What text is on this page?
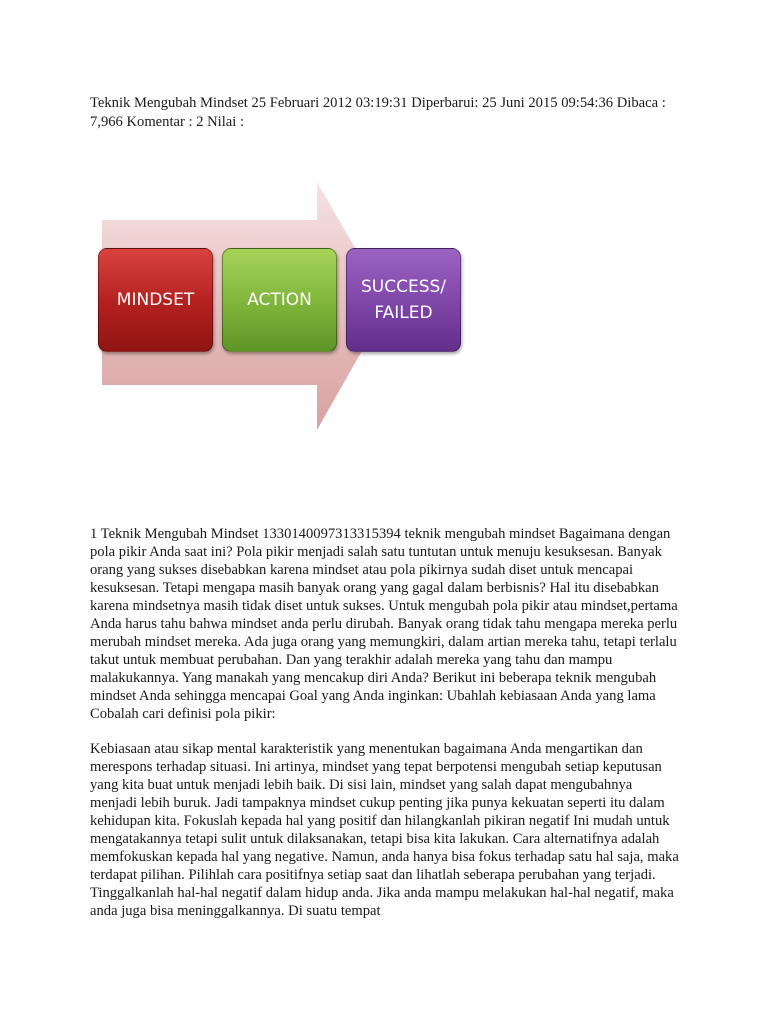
Teknik Mengubah Mindset 25 Februari 2012 03:19:31 Diperbarui: 25 Juni 2015 09:54:36 Dibaca : 7,966 Komentar : 2 Nilai :
MINDSET	ACTION
SUCCESS/
FAILED
1 Teknik Mengubah Mindset 1330140097313315394 teknik mengubah mindset Bagaimana dengan pola pikir Anda saat ini? Pola pikir menjadi salah satu tuntutan untuk menuju kesuksesan. Banyak orang yang sukses disebabkan karena mindset atau pola pikirnya sudah diset untuk mencapai kesuksesan. Tetapi mengapa masih banyak orang yang gagal dalam berbisnis? Hal itu disebabkan karena mindsetnya masih tidak diset untuk sukses. Untuk mengubah pola pikir atau mindset,pertama Anda harus tahu bahwa mindset anda perlu dirubah. Banyak orang tidak tahu mengapa mereka perlu merubah mindset mereka. Ada juga orang yang memungkiri, dalam artian mereka tahu, tetapi terlalu takut untuk membuat perubahan. Dan yang terakhir adalah mereka yang tahu dan mampu malakukannya. Yang manakah yang mencakup diri Anda? Berikut ini beberapa teknik mengubah mindset Anda sehingga mencapai Goal yang Anda inginkan: Ubahlah kebiasaan Anda yang lama Cobalah cari definisi pola pikir:
Kebiasaan atau sikap mental karakteristik yang menentukan bagaimana Anda mengartikan dan merespons terhadap situasi. Ini artinya, mindset yang tepat berpotensi mengubah setiap keputusan yang kita buat untuk menjadi lebih baik. Di sisi lain, mindset yang salah dapat mengubahnya menjadi lebih buruk. Jadi tampaknya mindset cukup penting jika punya kekuatan seperti itu dalam kehidupan kita. Fokuslah kepada hal yang positif dan hilangkanlah pikiran negatif Ini mudah untuk mengatakannya tetapi sulit untuk dilaksanakan, tetapi bisa kita lakukan. Cara alternatifnya adalah memfokuskan kepada hal yang negative. Namun, anda hanya bisa fokus terhadap satu hal saja, maka terdapat pilihan. Pilihlah cara positifnya setiap saat dan lihatlah seberapa perubahan yang terjadi. Tinggalkanlah hal-hal negatif dalam hidup anda. Jika anda mampu melakukan hal-hal negatif, maka anda juga bisa meninggalkannya. Di suatu tempat
